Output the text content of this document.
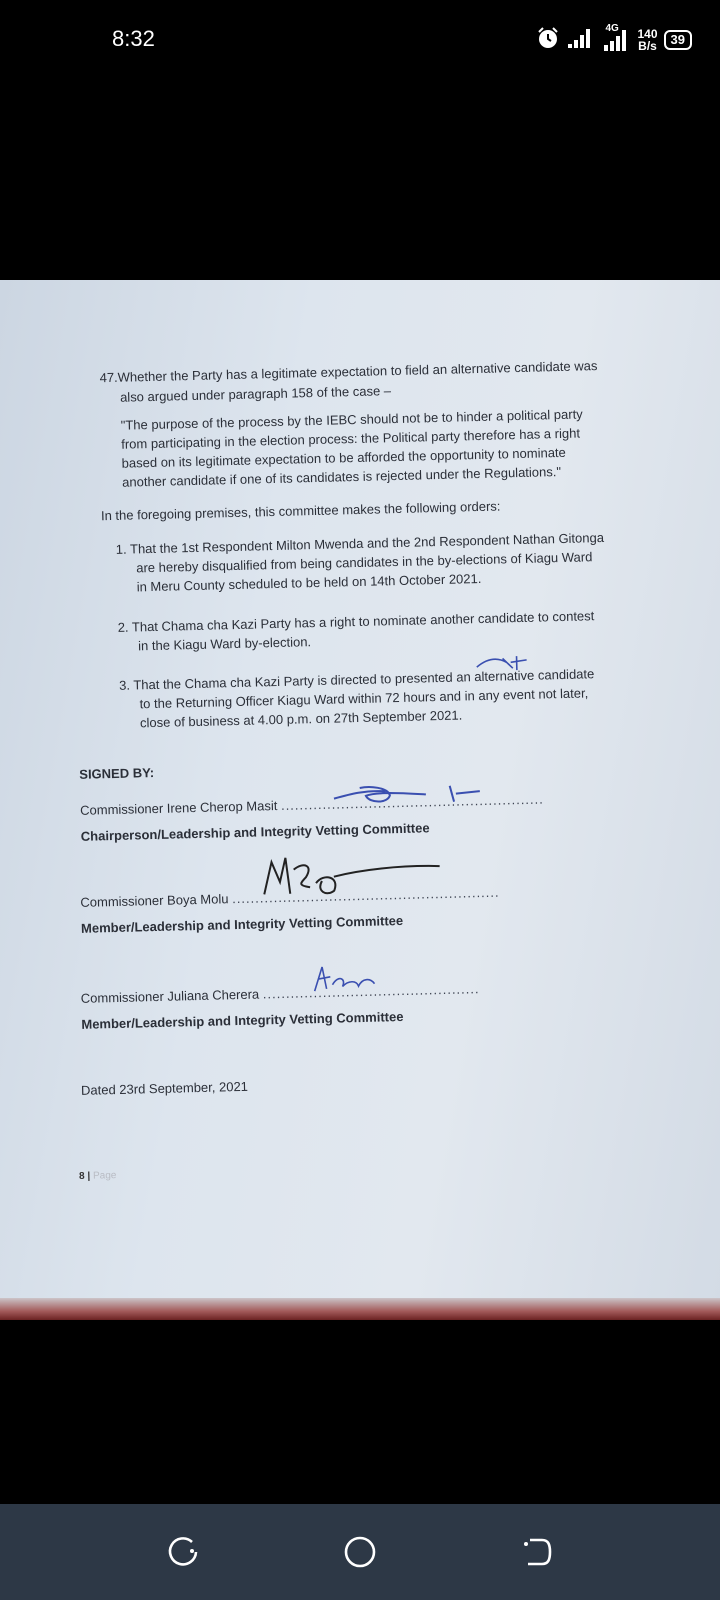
8:32	4G 140
B/s	39
47.Whether the Party has a legitimate expectation to field an alternative candidate was
also argued under paragraph 158 of the case –
"The purpose of the process by the IEBC should not be to hinder a political party
from participating in the election process: the Political party therefore has a right
based on its legitimate expectation to be afforded the opportunity to nominate
another candidate if one of its candidates is rejected under the Regulations."
In the foregoing premises, this committee makes the following orders:
1. That the 1st Respondent Milton Mwenda and the 2nd Respondent Nathan Gitonga
are hereby disqualified from being candidates in the by-elections of Kiagu Ward
in Meru County scheduled to be held on 14th October 2021.
2. That Chama cha Kazi Party has a right to nominate another candidate to contest
in the Kiagu Ward by-election.
3. That the Chama cha Kazi Party is directed to presented an alternative candidate
to the Returning Officer Kiagu Ward within 72 hours and in any event not later,
close of business at 4.00 p.m. on 27th September 2021.
SIGNED BY:
Commissioner Irene Cherop Masit .........................................................
Chairperson/Leadership and Integrity Vetting Committee
Commissioner Boya Molu ..........................................................
Member/Leadership and Integrity Vetting Committee
Commissioner Juliana Cherera ...............................................
Member/Leadership and Integrity Vetting Committee
Dated 23rd September, 2021
8 | Page
